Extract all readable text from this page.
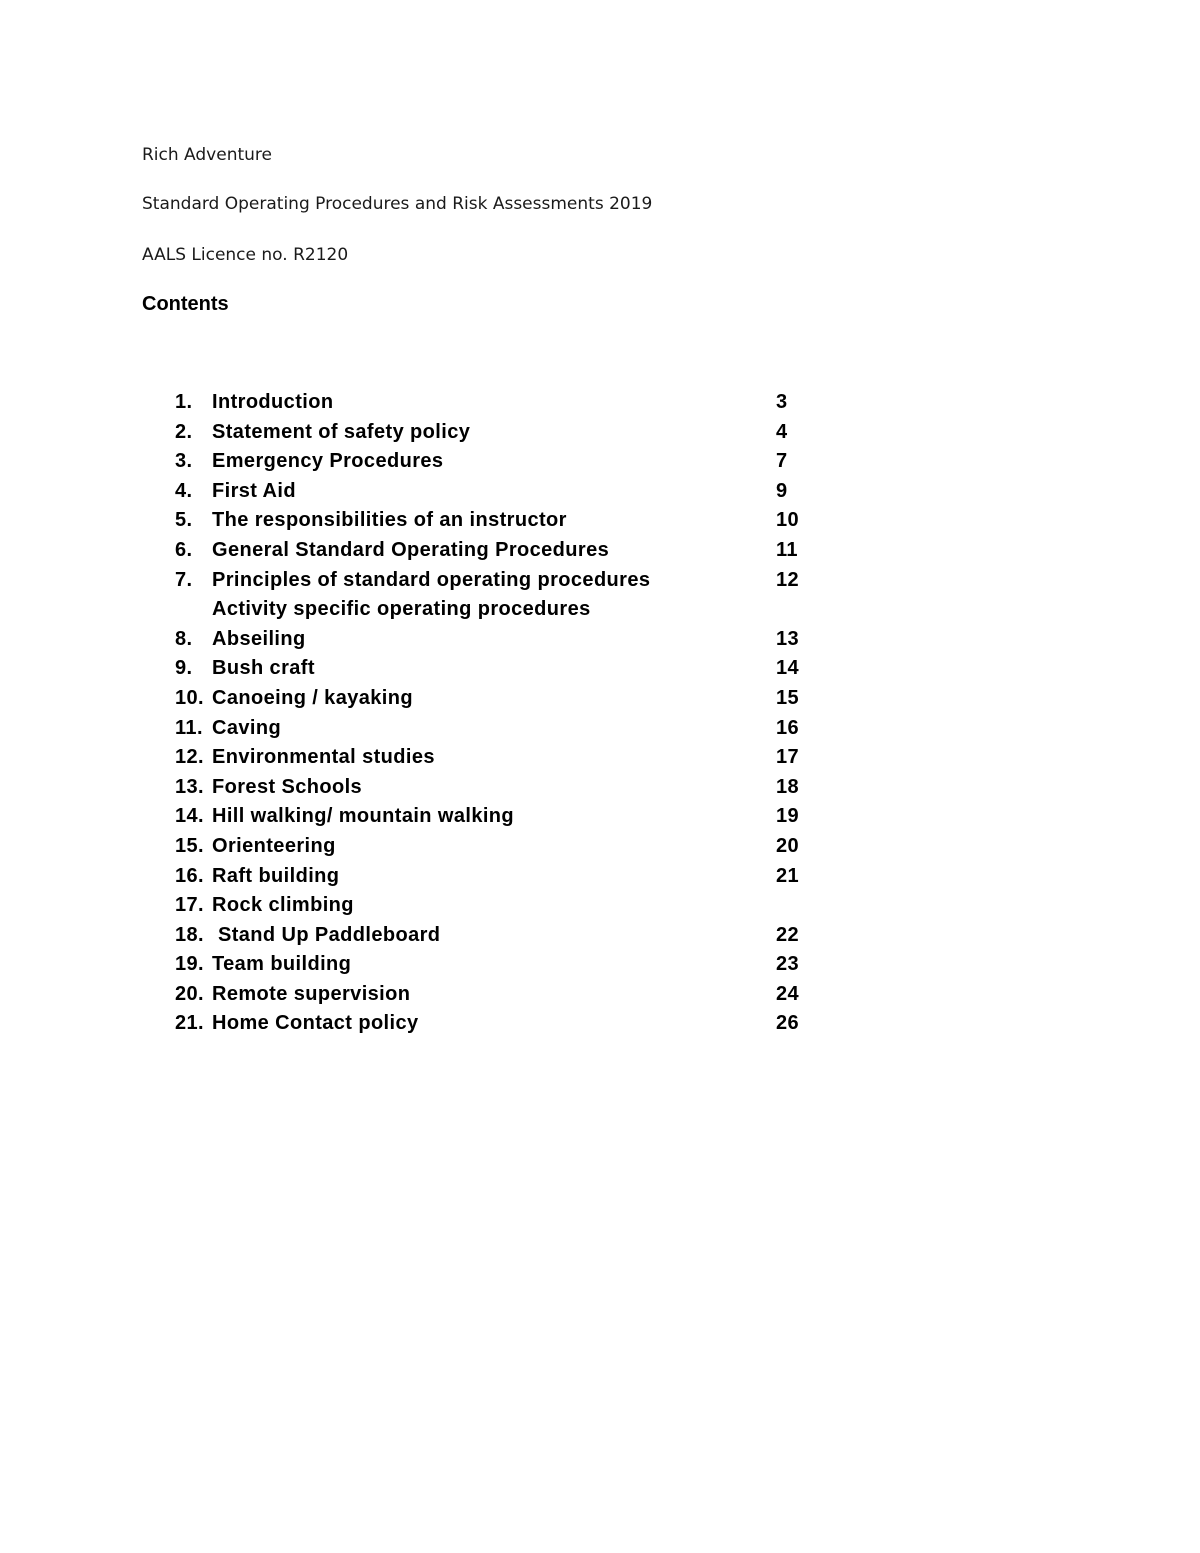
Rich Adventure
Standard Operating Procedures and Risk Assessments 2019
AALS Licence no. R2120
Contents
1. Introduction	3
2. Statement of safety policy	4
3. Emergency Procedures	7
4. First Aid	9
5. The responsibilities of an instructor	10
6. General Standard Operating Procedures	11
7. Principles of standard operating procedures	12
Activity specific operating procedures
8. Abseiling	13
9. Bush craft	14
10. Canoeing / kayaking	15
11. Caving	16
12. Environmental studies	17
13. Forest Schools	18
14. Hill walking/ mountain walking	19
15. Orienteering	20
16. Raft building	21
17. Rock climbing
18. Stand Up Paddleboard	22
19. Team building	23
20. Remote supervision	24
21. Home Contact policy	26
